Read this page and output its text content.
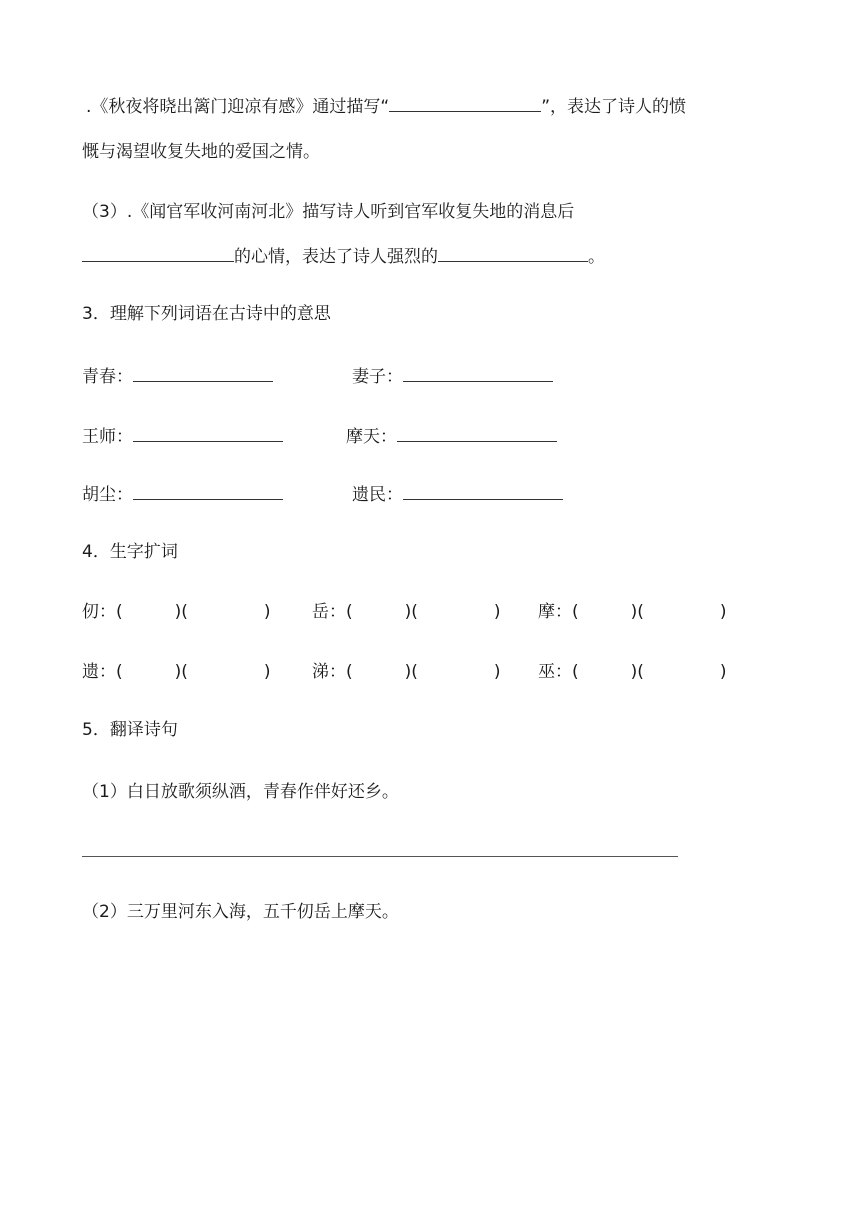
.《秋夜将晓出篱门迎凉有感》通过描写“	”，表达了诗人的愤
慨与渴望收复失地的爱国之情。
（3）.《闻官军收河南河北》描写诗人听到官军收复失地的消息后
的心情，表达了诗人强烈的	。
3．理解下列词语在古诗中的意思
青春：	妻子：
王师：	摩天：
胡尘：	遗民：
4．生字扩词
仞：(	)(	) 岳：(	)(	) 摩：(	)(	)
遗：(	)(	) 涕：(	)(	) 巫：(	)(	)
5．翻译诗句
（1）白日放歌须纵酒，青春作伴好还乡。
（2）三万里河东入海，五千仞岳上摩天。
